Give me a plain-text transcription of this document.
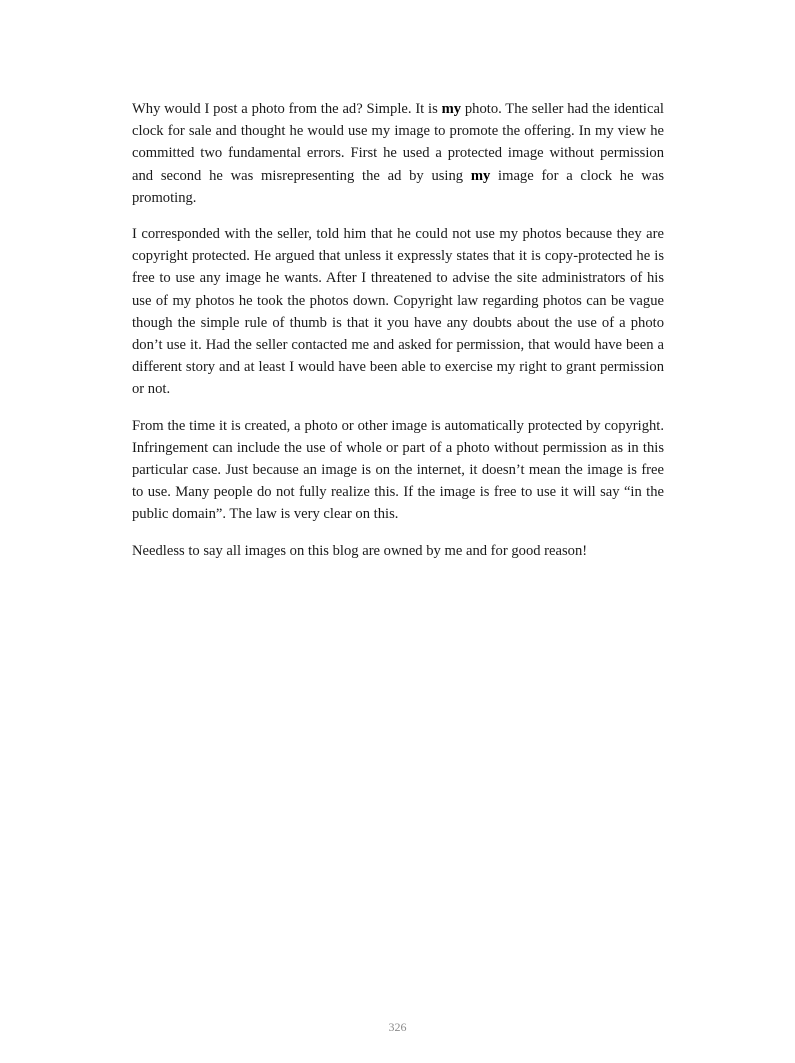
Why would I post a photo from the ad? Simple. It is my photo. The seller had the identical clock for sale and thought he would use my image to promote the offering. In my view he committed two fundamental errors. First he used a protected image without permission and second he was misrepresenting the ad by using my image for a clock he was promoting.

I corresponded with the seller, told him that he could not use my photos because they are copyright protected. He argued that unless it expressly states that it is copy-protected he is free to use any image he wants. After I threatened to advise the site administrators of his use of my photos he took the photos down. Copyright law regarding photos can be vague though the simple rule of thumb is that it you have any doubts about the use of a photo don’t use it. Had the seller contacted me and asked for permission, that would have been a different story and at least I would have been able to exercise my right to grant permission or not.

From the time it is created, a photo or other image is automatically protected by copyright. Infringement can include the use of whole or part of a photo without permission as in this particular case. Just because an image is on the internet, it doesn’t mean the image is free to use. Many people do not fully realize this. If the image is free to use it will say “in the public domain”. The law is very clear on this.

Needless to say all images on this blog are owned by me and for good reason!

326
